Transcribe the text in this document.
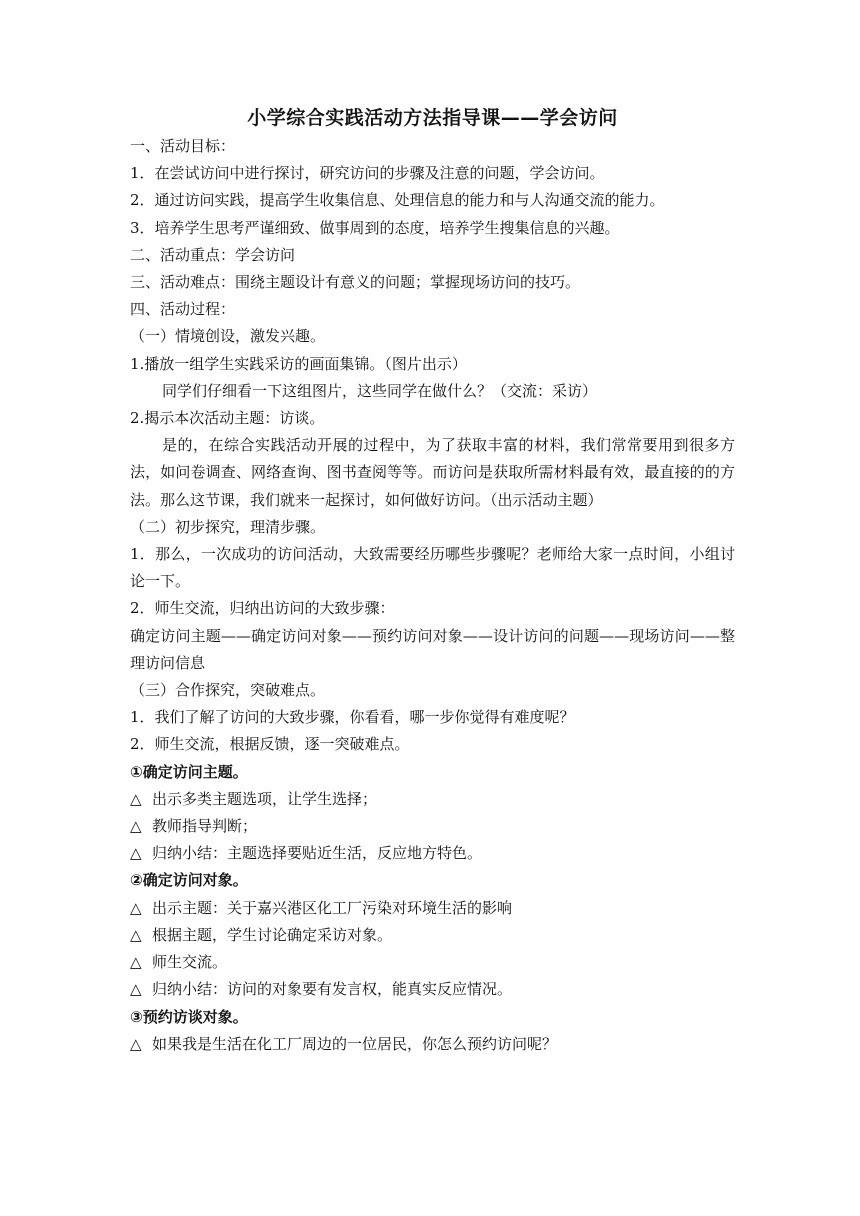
小学综合实践活动方法指导课——学会访问
一、活动目标：
1．在尝试访问中进行探讨，研究访问的步骤及注意的问题，学会访问。
2．通过访问实践，提高学生收集信息、处理信息的能力和与人沟通交流的能力。
3．培养学生思考严谨细致、做事周到的态度，培养学生搜集信息的兴趣。
二、活动重点：学会访问
三、活动难点：围绕主题设计有意义的问题；掌握现场访问的技巧。
四、活动过程：
（一）情境创设，激发兴趣。
1.播放一组学生实践采访的画面集锦。（图片出示）
同学们仔细看一下这组图片，这些同学在做什么？（交流：采访）
2.揭示本次活动主题：访谈。
是的，在综合实践活动开展的过程中，为了获取丰富的材料，我们常常要用到很多方法，如问卷调查、网络查询、图书查阅等等。而访问是获取所需材料最有效，最直接的的方法。那么这节课，我们就来一起探讨，如何做好访问。（出示活动主题）
（二）初步探究，理清步骤。
1．那么，一次成功的访问活动，大致需要经历哪些步骤呢？老师给大家一点时间，小组讨论一下。
2．师生交流，归纳出访问的大致步骤：
确定访问主题——确定访问对象——预约访问对象——设计访问的问题——现场访问——整理访问信息
（三）合作探究，突破难点。
1．我们了解了访问的大致步骤，你看看，哪一步你觉得有难度呢？
2．师生交流，根据反馈，逐一突破难点。
①确定访问主题。
△ 出示多类主题选项，让学生选择；
△ 教师指导判断；
△ 归纳小结：主题选择要贴近生活，反应地方特色。
②确定访问对象。
△ 出示主题：关于嘉兴港区化工厂污染对环境生活的影响
△ 根据主题，学生讨论确定采访对象。
△ 师生交流。
△ 归纳小结：访问的对象要有发言权，能真实反应情况。
③预约访谈对象。
△ 如果我是生活在化工厂周边的一位居民，你怎么预约访问呢？
